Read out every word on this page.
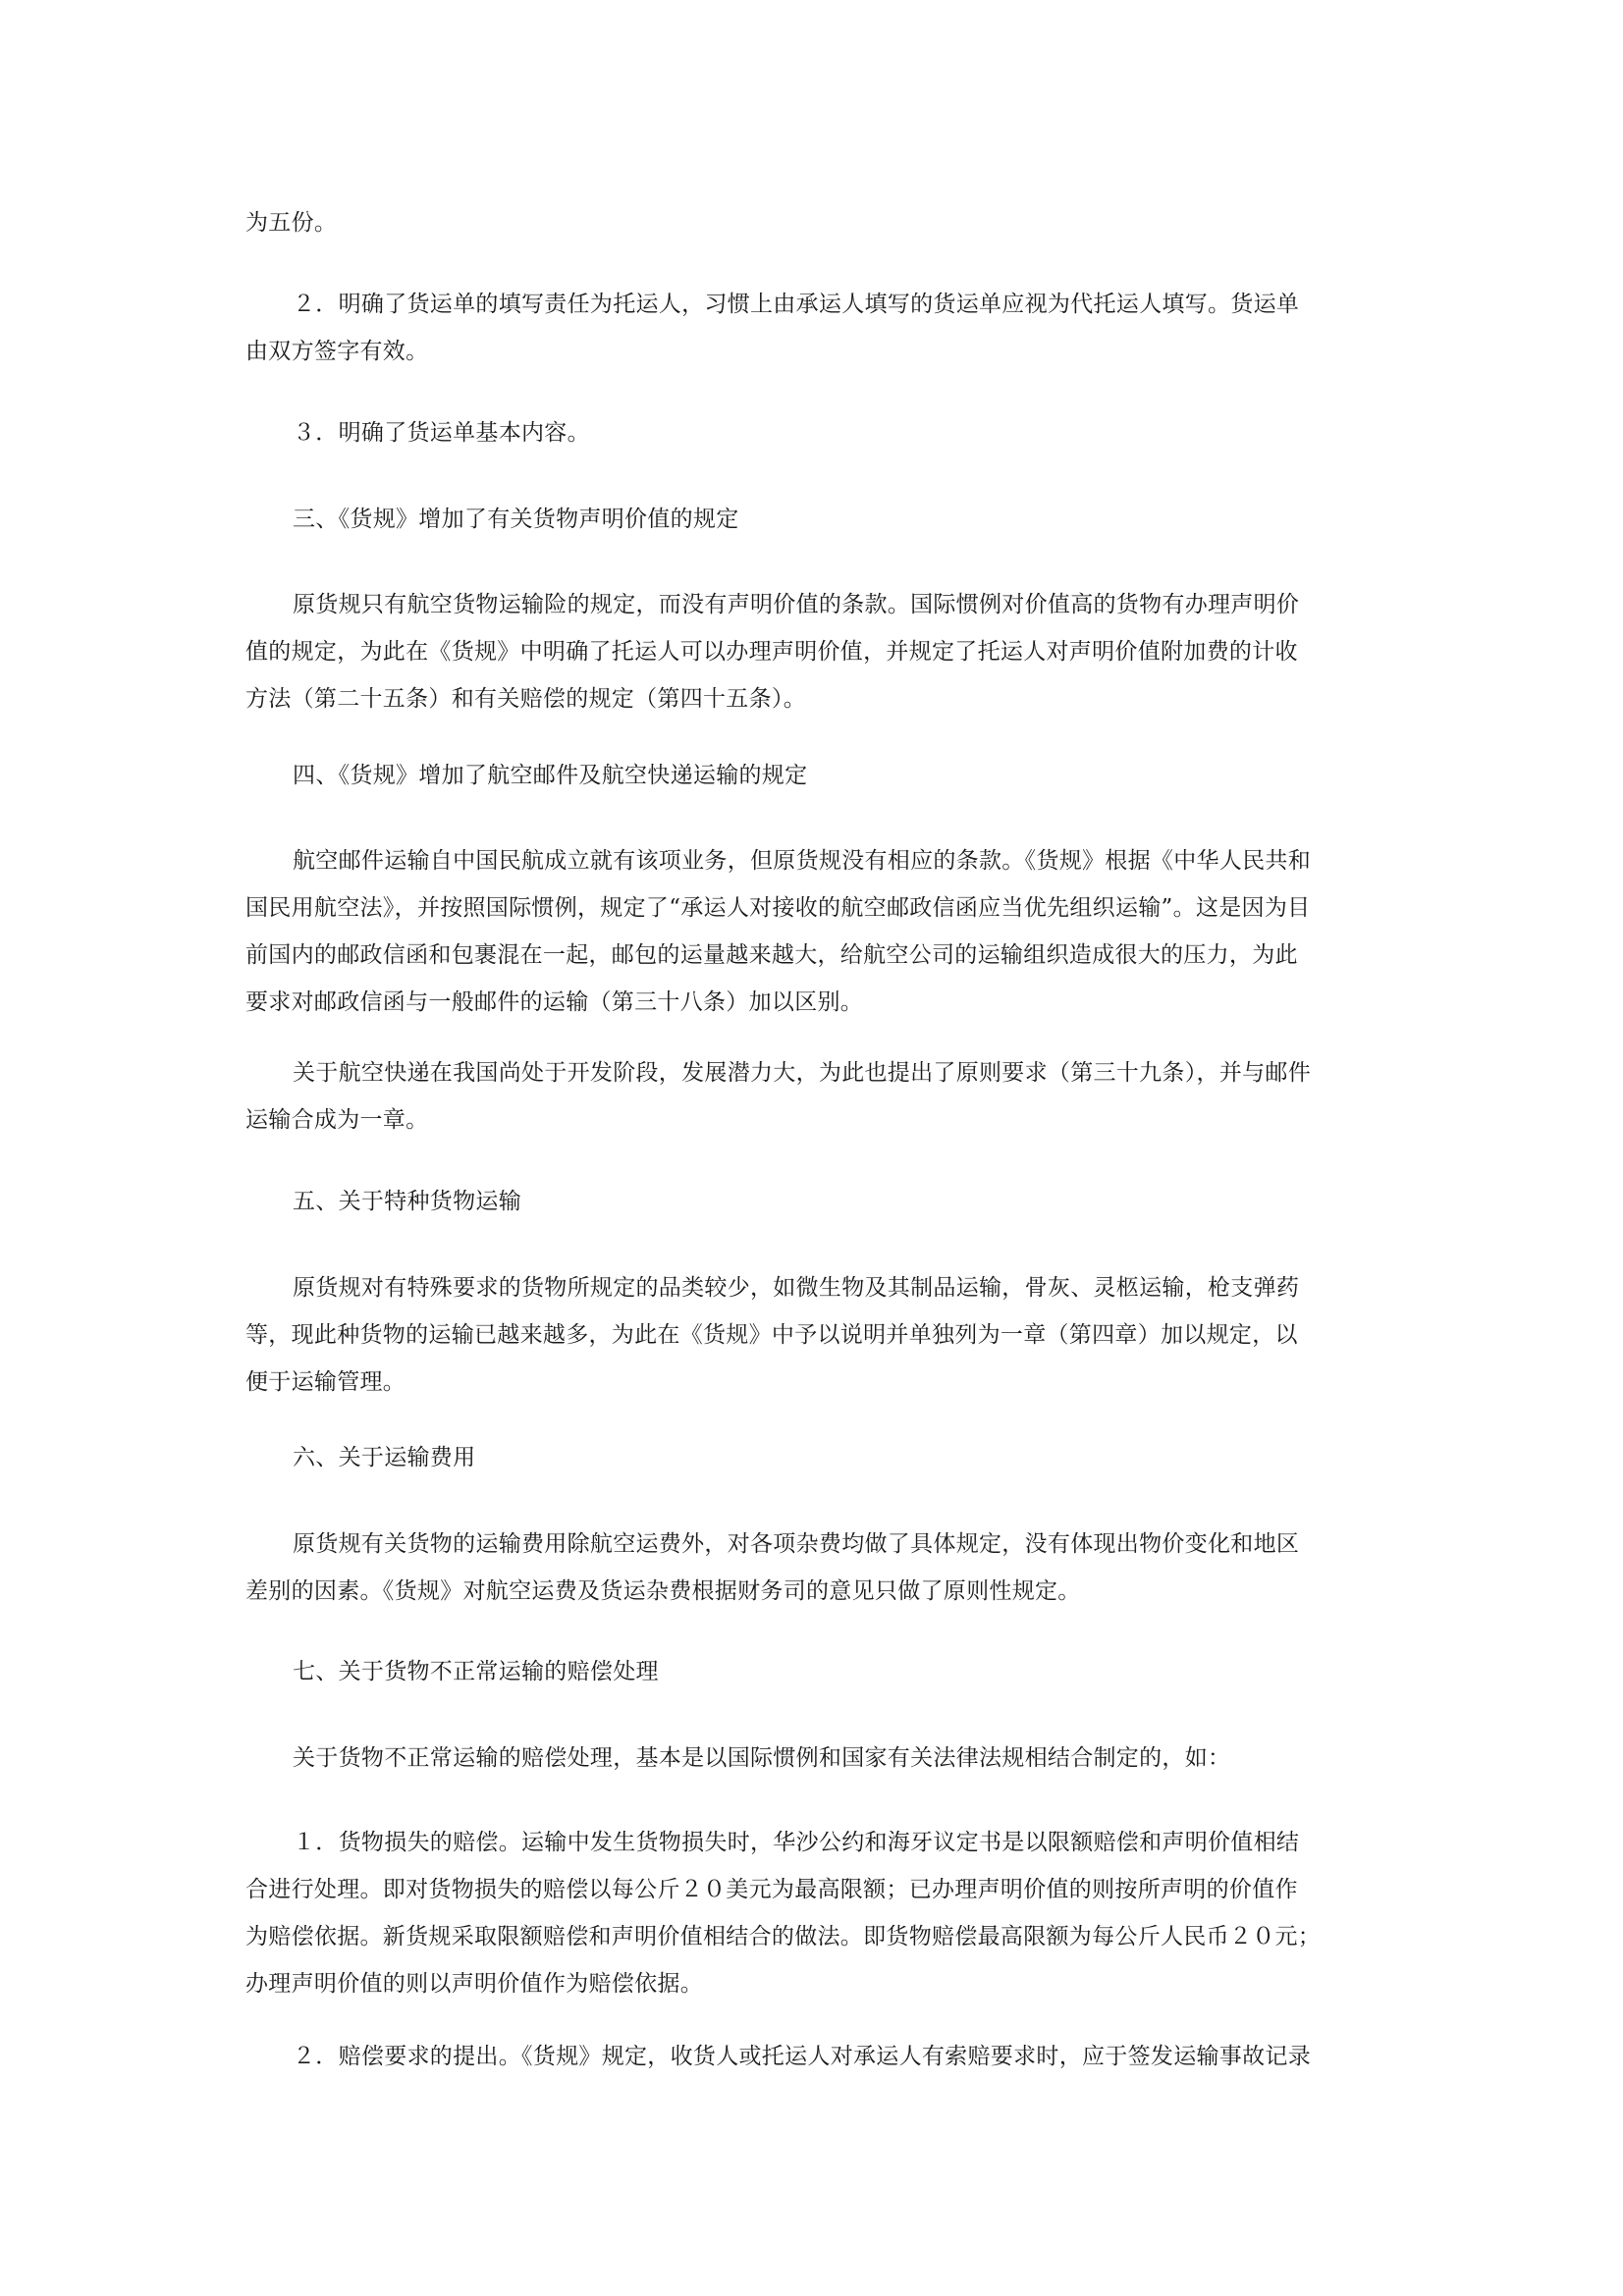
为五份。

２．明确了货运单的填写责任为托运人，习惯上由承运人填写的货运单应视为代托运人填写。货运单
由双方签字有效。

３．明确了货运单基本内容。

三、《货规》增加了有关货物声明价值的规定

原货规只有航空货物运输险的规定，而没有声明价值的条款。国际惯例对价值高的货物有办理声明价
值的规定，为此在《货规》中明确了托运人可以办理声明价值，并规定了托运人对声明价值附加费的计收
方法（第二十五条）和有关赔偿的规定（第四十五条）。

四、《货规》增加了航空邮件及航空快递运输的规定

航空邮件运输自中国民航成立就有该项业务，但原货规没有相应的条款。《货规》根据《中华人民共和
国民用航空法》，并按照国际惯例，规定了“承运人对接收的航空邮政信函应当优先组织运输”。这是因为目
前国内的邮政信函和包裹混在一起，邮包的运量越来越大，给航空公司的运输组织造成很大的压力，为此
要求对邮政信函与一般邮件的运输（第三十八条）加以区别。

关于航空快递在我国尚处于开发阶段，发展潜力大，为此也提出了原则要求（第三十九条），并与邮件
运输合成为一章。

五、关于特种货物运输

原货规对有特殊要求的货物所规定的品类较少，如微生物及其制品运输，骨灰、灵柩运输，枪支弹药
等，现此种货物的运输已越来越多，为此在《货规》中予以说明并单独列为一章（第四章）加以规定，以
便于运输管理。

六、关于运输费用

原货规有关货物的运输费用除航空运费外，对各项杂费均做了具体规定，没有体现出物价变化和地区
差别的因素。《货规》对航空运费及货运杂费根据财务司的意见只做了原则性规定。

七、关于货物不正常运输的赔偿处理

关于货物不正常运输的赔偿处理，基本是以国际惯例和国家有关法律法规相结合制定的，如：

１．货物损失的赔偿。运输中发生货物损失时，华沙公约和海牙议定书是以限额赔偿和声明价值相结
合进行处理。即对货物损失的赔偿以每公斤２０美元为最高限额；已办理声明价值的则按所声明的价值作
为赔偿依据。新货规采取限额赔偿和声明价值相结合的做法。即货物赔偿最高限额为每公斤人民币２０元；
办理声明价值的则以声明价值作为赔偿依据。

２．赔偿要求的提出。《货规》规定，收货人或托运人对承运人有索赔要求时，应于签发运输事故记录
